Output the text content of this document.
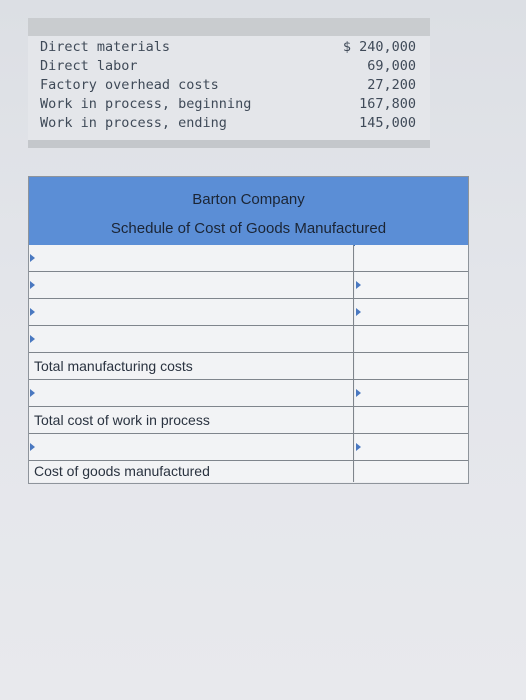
Direct materials	$ 240,000
Direct labor	69,000
Factory overhead costs	27,200
Work in process, beginning	167,800
Work in process, ending	145,000
Barton Company
Schedule of Cost of Goods Manufactured
Total manufacturing costs
Total cost of work in process
Cost of goods manufactured
